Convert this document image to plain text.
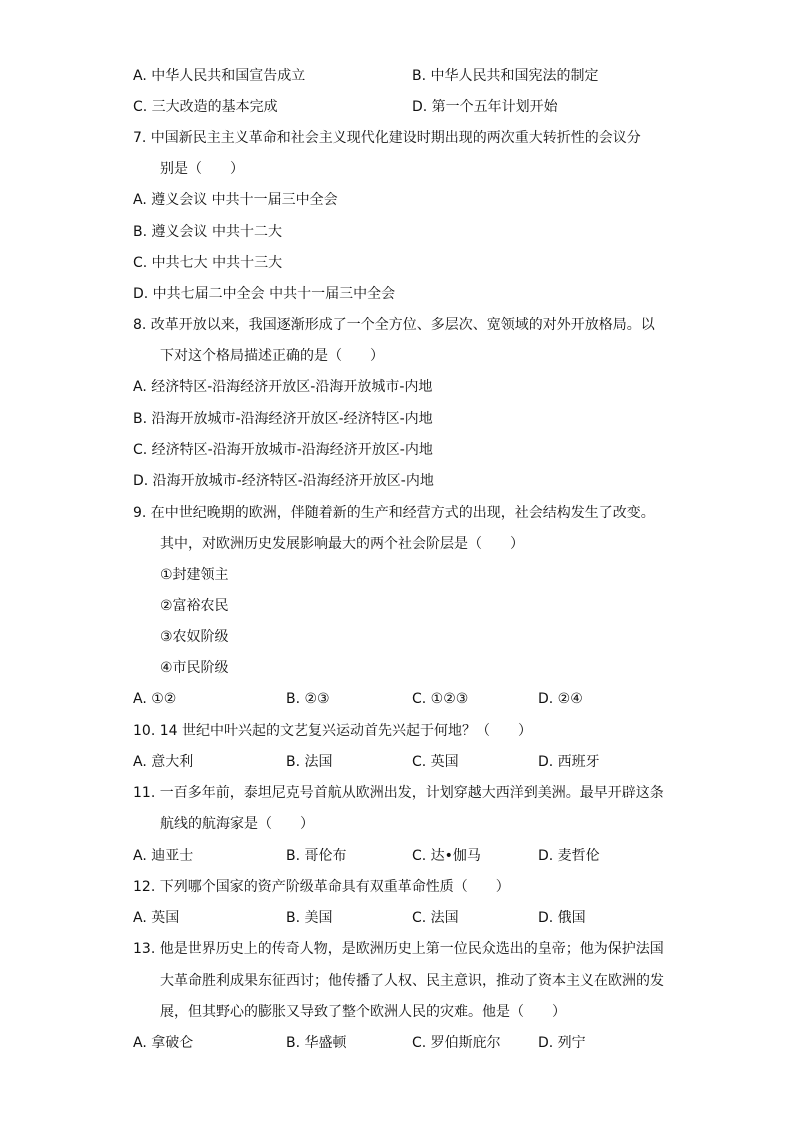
A. 中华人民共和国宣告成立	B. 中华人民共和国宪法的制定
C. 三大改造的基本完成	D. 第一个五年计划开始
7. 中国新民主主义革命和社会主义现代化建设时期出现的两次重大转折性的会议分
别是（　　）
A. 遵义会议 中共十一届三中全会
B. 遵义会议 中共十二大
C. 中共七大 中共十三大
D. 中共七届二中全会 中共十一届三中全会
8. 改革开放以来，我国逐渐形成了一个全方位、多层次、宽领域的对外开放格局。以
下对这个格局描述正确的是（　　）
A. 经济特区-沿海经济开放区-沿海开放城市-内地
B. 沿海开放城市-沿海经济开放区-经济特区-内地
C. 经济特区-沿海开放城市-沿海经济开放区-内地
D. 沿海开放城市-经济特区-沿海经济开放区-内地
9. 在中世纪晚期的欧洲，伴随着新的生产和经营方式的出现，社会结构发生了改变。
其中，对欧洲历史发展影响最大的两个社会阶层是（　　）
①封建领主
②富裕农民
③农奴阶级
④市民阶级
A. ①②	B. ②③	C. ①②③	D. ②④
10. 14 世纪中叶兴起的文艺复兴运动首先兴起于何地？（　　）
A. 意大利	B. 法国	C. 英国	D. 西班牙
11. 一百多年前，泰坦尼克号首航从欧洲出发，计划穿越大西洋到美洲。最早开辟这条
航线的航海家是（　　）
A. 迪亚士	B. 哥伦布	C. 达•伽马	D. 麦哲伦
12. 下列哪个国家的资产阶级革命具有双重革命性质（　　）
A. 英国	B. 美国	C. 法国	D. 俄国
13. 他是世界历史上的传奇人物，是欧洲历史上第一位民众选出的皇帝；他为保护法国
大革命胜利成果东征西讨；他传播了人权、民主意识，推动了资本主义在欧洲的发
展，但其野心的膨胀又导致了整个欧洲人民的灾难。他是（　　）
A. 拿破仑	B. 华盛顿	C. 罗伯斯庇尔	D. 列宁
